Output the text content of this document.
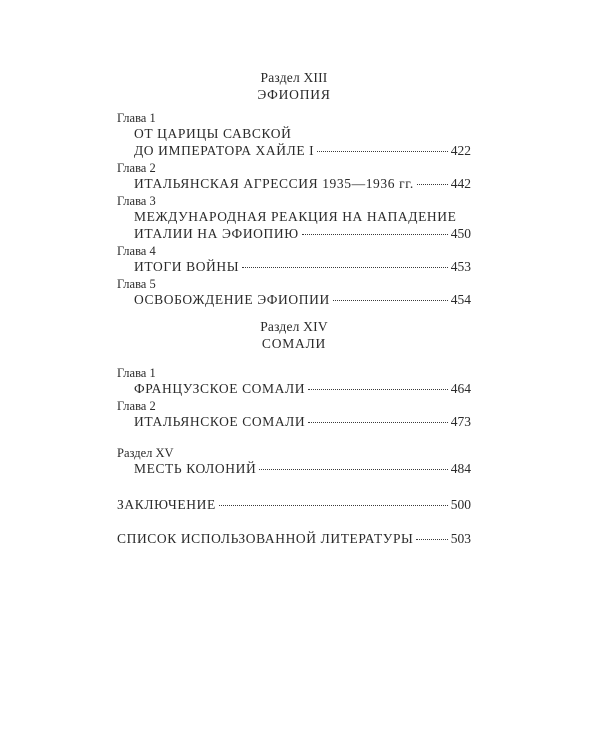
Раздел XIII
ЭФИОПИЯ
Глава 1
ОТ ЦАРИЦЫ САВСКОЙ
ДО ИМПЕРАТОРА ХАЙЛЕ I	422
Глава 2
ИТАЛЬЯНСКАЯ АГРЕССИЯ 1935—1936 гг.	442
Глава 3
МЕЖДУНАРОДНАЯ РЕАКЦИЯ НА НАПАДЕНИЕ
ИТАЛИИ НА ЭФИОПИЮ	450
Глава 4
ИТОГИ ВОЙНЫ	453
Глава 5
ОСВОБОЖДЕНИЕ ЭФИОПИИ	454
Раздел XIV
СОМАЛИ
Глава 1
ФРАНЦУЗСКОЕ СОМАЛИ	464
Глава 2
ИТАЛЬЯНСКОЕ СОМАЛИ	473
Раздел XV
МЕСТЬ КОЛОНИЙ	484
ЗАКЛЮЧЕНИЕ	500
СПИСОК ИСПОЛЬЗОВАННОЙ ЛИТЕРАТУРЫ	503
